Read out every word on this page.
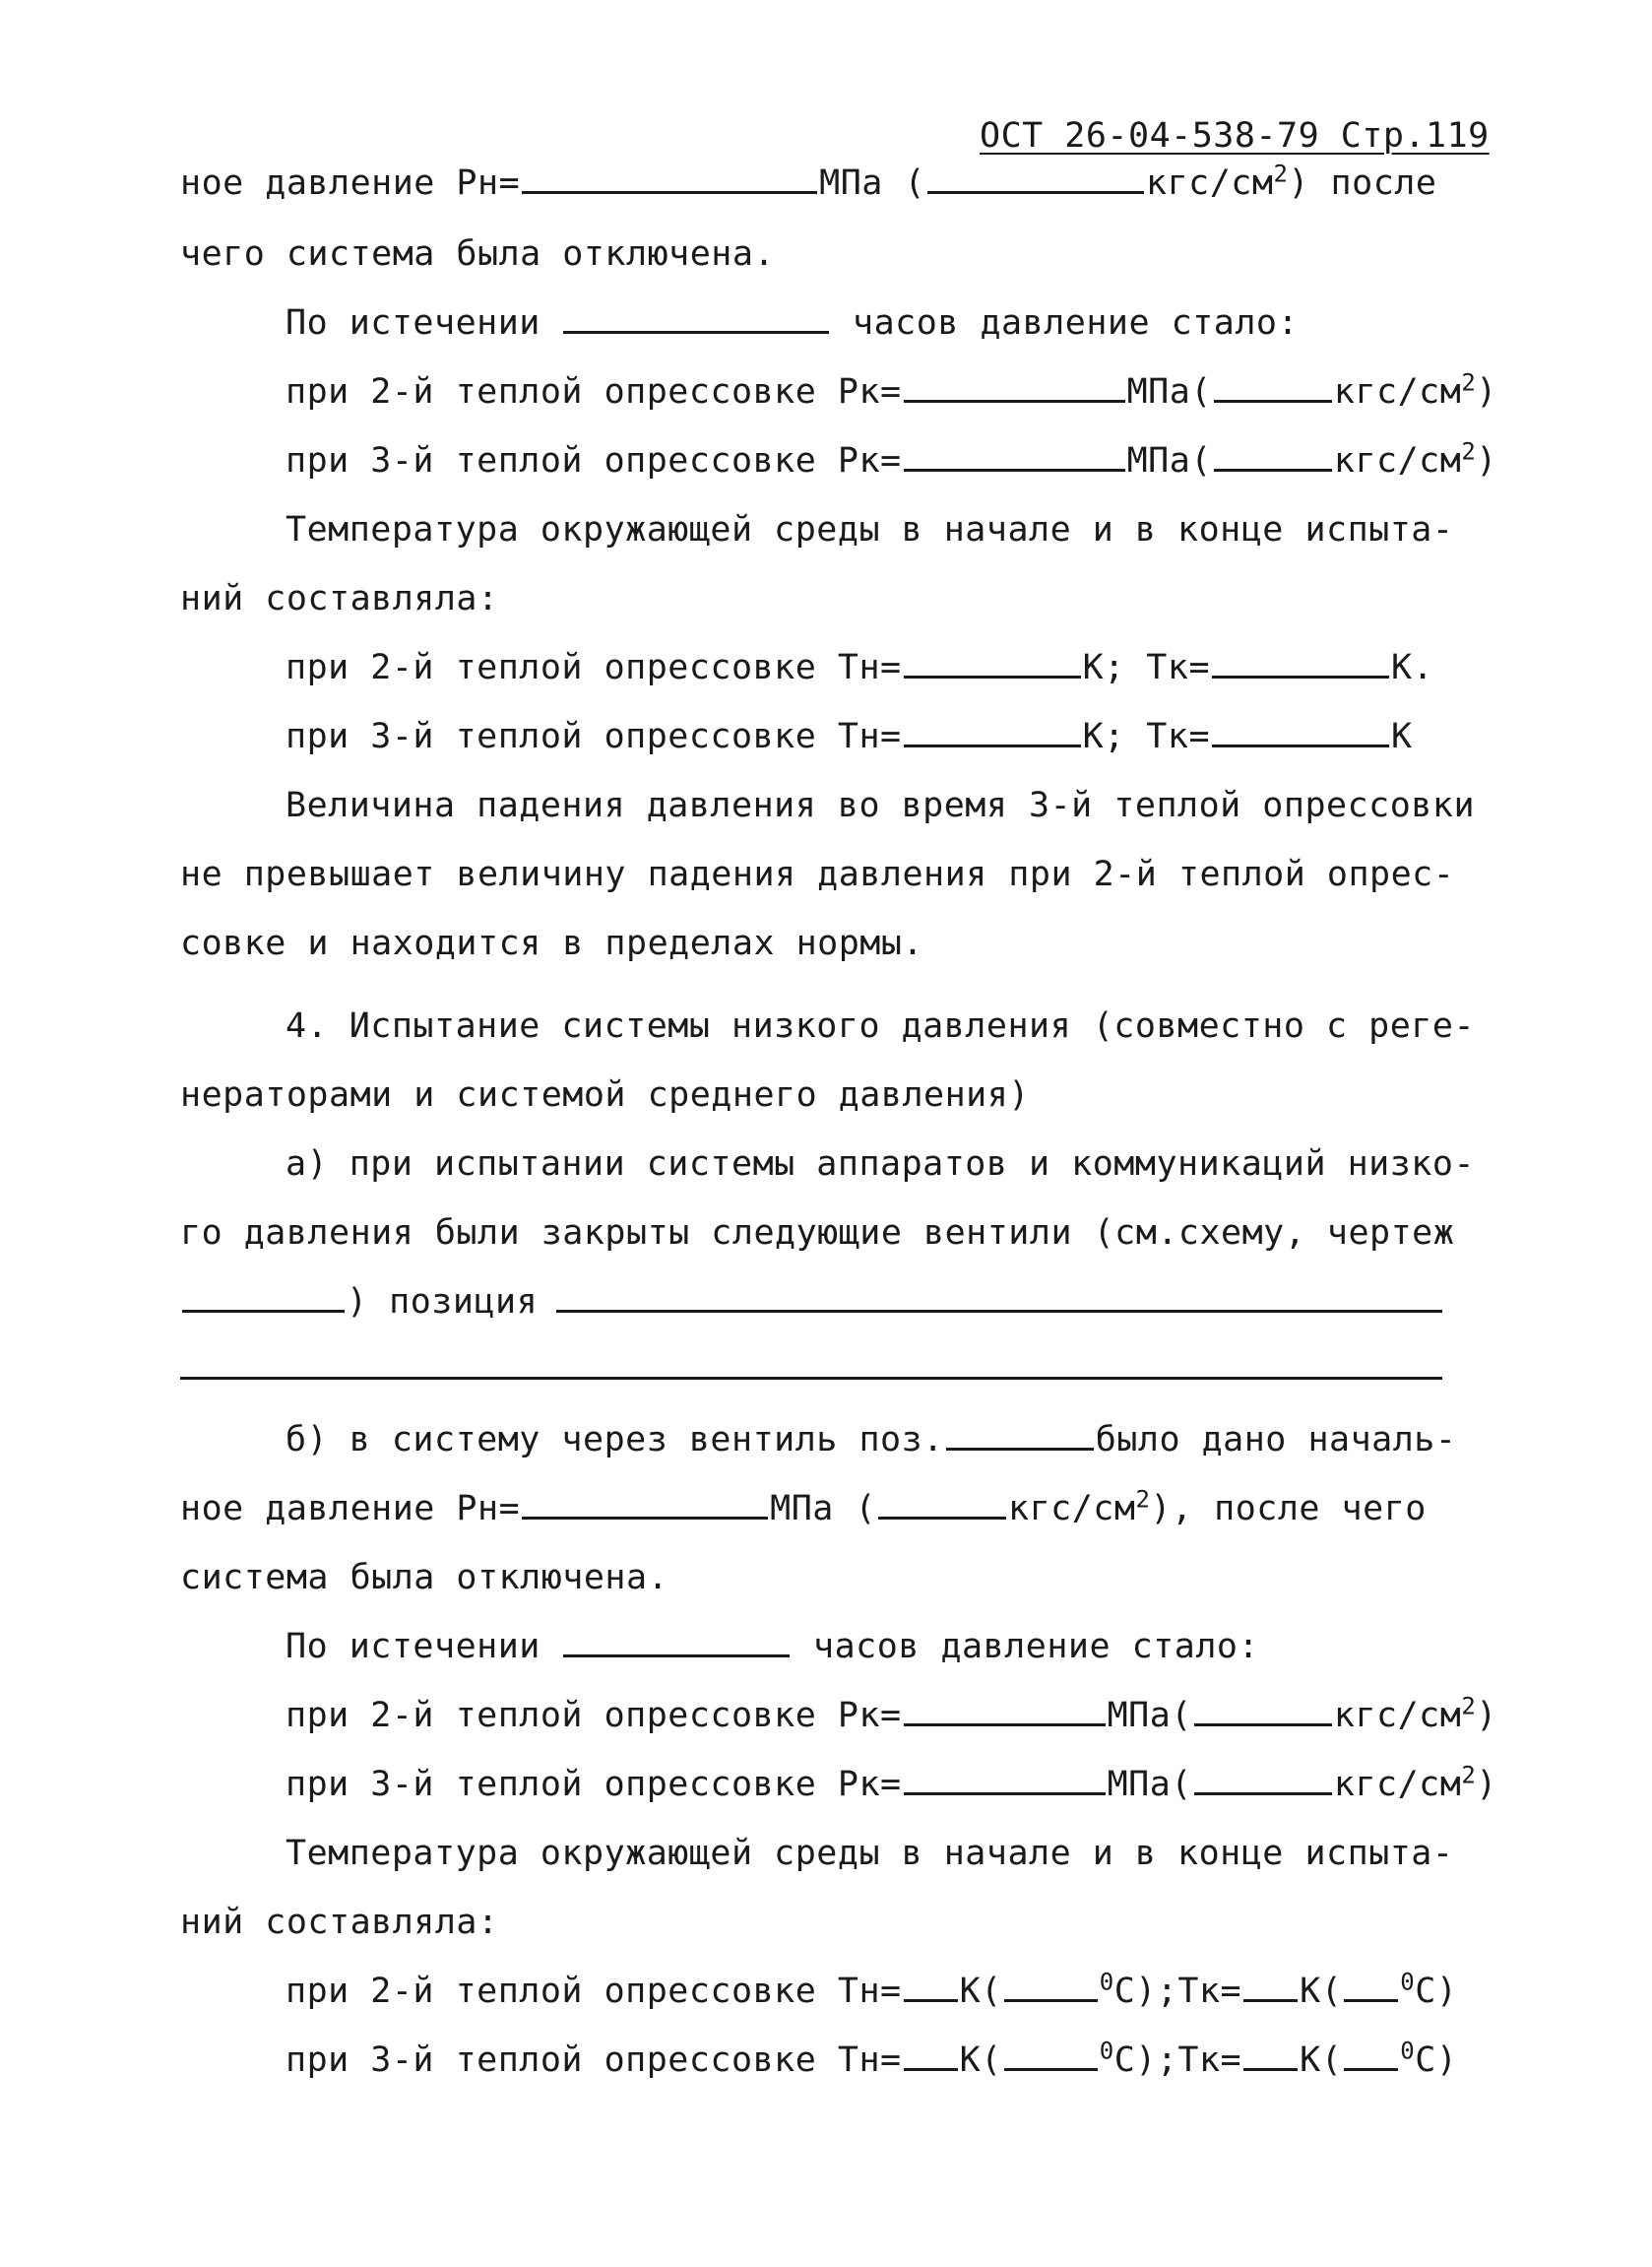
ОСТ 26-04-538-79 Стр.119
ное давление Рн=	МПа (	кгс/$см^2$) после
чего система была отключена.
По истечении	часов давление стало:
при 2-й теплой опрессовке Рк=	МПа(	кгс/$см^2$)
при 3-й теплой опрессовке Рк=	МПа(	кгс/$см^2$)
Температура окружающей среды в начале и в конце испыта-
ний составляла:
при 2-й теплой опрессовке Тн=	К; Тк=	К.
при 3-й теплой опрессовке Тн=	К; Тк=	К
Величина падения давления во время 3-й теплой опрессовки
не превышает величину падения давления при 2-й теплой опрес-
совке и находится в пределах нормы.
4. Испытание системы низкого давления (совместно с реге-
нераторами и системой среднего давления)
а) при испытании системы аппаратов и коммуникаций низко-
го давления были закрыты следующие вентили (см.схему, чертеж
) позиция
б) в систему через вентиль поз.	было дано началь-
ное давление Рн=	МПа (	кгс/$см^2$), после чего
система была отключена.
По истечении	часов давление стало:
при 2-й теплой опрессовке Рк=	МПа(	кгс/$см^2$)
при 3-й теплой опрессовке Рк=	МПа(	кгс/$см^2$)
Температура окружающей среды в начале и в конце испыта-
ний составляла:
при 2-й теплой опрессовке Тн= К(	$^0$С);Тк= К( $^0$С)
при 3-й теплой опрессовке Тн= К(	$^0$С);Тк= К( $^0$С)
